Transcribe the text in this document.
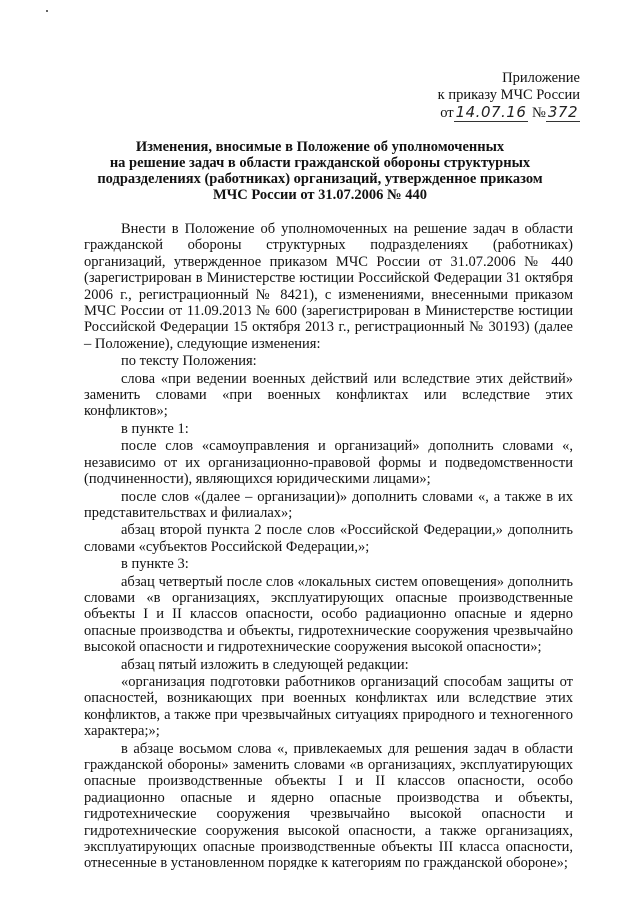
Приложение
к приказу МЧС России
от 14.07.16 № 372
Изменения, вносимые в Положение об уполномоченных
на решение задач в области гражданской обороны структурных
подразделениях (работниках) организаций, утвержденное приказом
МЧС России от 31.07.2006 № 440

Внести в Положение об уполномоченных на решение задач в области гражданской обороны структурных подразделениях (работниках) организаций, утвержденное приказом МЧС России от 31.07.2006 № 440 (зарегистрирован в Министерстве юстиции Российской Федерации 31 октября 2006 г., регистрационный № 8421), с изменениями, внесенными приказом МЧС России от 11.09.2013 № 600 (зарегистрирован в Министерстве юстиции Российской Федерации 15 октября 2013 г., регистрационный № 30193) (далее – Положение), следующие изменения:

по тексту Положения:

слова «при ведении военных действий или вследствие этих действий» заменить словами «при военных конфликтах или вследствие этих конфликтов»;

в пункте 1:

после слов «самоуправления и организаций» дополнить словами «, независимо от их организационно-правовой формы и подведомственности (подчиненности), являющихся юридическими лицами»;

после слов «(далее – организации)» дополнить словами «, а также в их представительствах и филиалах»;

абзац второй пункта 2 после слов «Российской Федерации,» дополнить словами «субъектов Российской Федерации,»;

в пункте 3:

абзац четвертый после слов «локальных систем оповещения» дополнить словами «в организациях, эксплуатирующих опасные производственные объекты I и II классов опасности, особо радиационно опасные и ядерно опасные производства и объекты, гидротехнические сооружения чрезвычайно высокой опасности и гидротехнические сооружения высокой опасности»;

абзац пятый изложить в следующей редакции:

«организация подготовки работников организаций способам защиты от опасностей, возникающих при военных конфликтах или вследствие этих конфликтов, а также при чрезвычайных ситуациях природного и техногенного характера;»;

в абзаце восьмом слова «, привлекаемых для решения задач в области гражданской обороны» заменить словами «в организациях, эксплуатирующих опасные производственные объекты I и II классов опасности, особо радиационно опасные и ядерно опасные производства и объекты, гидротехнические сооружения чрезвычайно высокой опасности и гидротехнические сооружения высокой опасности, а также организациях, эксплуатирующих опасные производственные объекты III класса опасности, отнесенные в установленном порядке к категориям по гражданской обороне»;
